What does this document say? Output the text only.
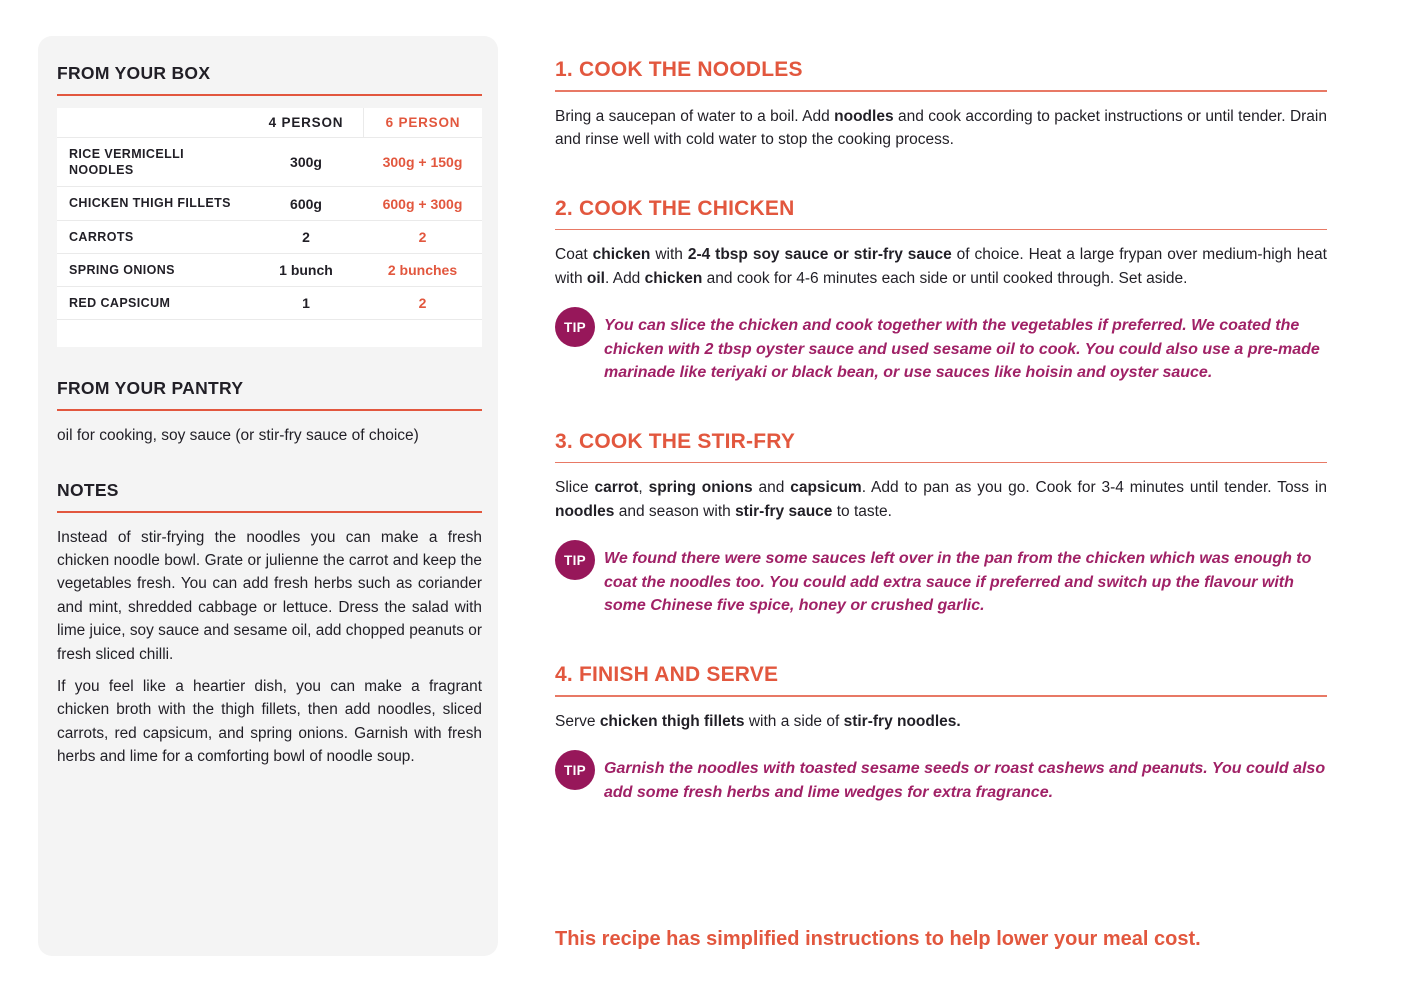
FROM YOUR BOX
4 PERSON	6 PERSON
RICE VERMICELLI NOODLES	300g	300g + 150g
CHICKEN THIGH FILLETS	600g	600g + 300g
CARROTS	2	2
SPRING ONIONS	1 bunch	2 bunches
RED CAPSICUM	1	2
FROM YOUR PANTRY

oil for cooking, soy sauce (or stir-fry sauce of choice)

NOTES

Instead of stir-frying the noodles you can make a fresh chicken noodle bowl. Grate or julienne the carrot and keep the vegetables fresh. You can add fresh herbs such as coriander and mint, shredded cabbage or lettuce. Dress the salad with lime juice, soy sauce and sesame oil, add chopped peanuts or fresh sliced chilli.

If you feel like a heartier dish, you can make a fragrant chicken broth with the thigh fillets, then add noodles, sliced carrots, red capsicum, and spring onions. Garnish with fresh herbs and lime for a comforting bowl of noodle soup.

1. COOK THE NOODLES

Bring a saucepan of water to a boil. Add noodles and cook according to packet instructions or until tender. Drain and rinse well with cold water to stop the cooking process.

2. COOK THE CHICKEN

Coat chicken with 2-4 tbsp soy sauce or stir-fry sauce of choice. Heat a large frypan over medium-high heat with oil. Add chicken and cook for 4-6 minutes each side or until cooked through. Set aside.

TIP	You can slice the chicken and cook together with the vegetables if preferred. We coated the chicken with 2 tbsp oyster sauce and used sesame oil to cook. You could also use a pre-made marinade like teriyaki or black bean, or use sauces like hoisin and oyster sauce.

3. COOK THE STIR-FRY

Slice carrot, spring onions and capsicum. Add to pan as you go. Cook for 3-4 minutes until tender. Toss in noodles and season with stir-fry sauce to taste.

TIP	We found there were some sauces left over in the pan from the chicken which was enough to coat the noodles too. You could add extra sauce if preferred and switch up the flavour with some Chinese five spice, honey or crushed garlic.

4. FINISH AND SERVE

Serve chicken thigh fillets with a side of stir-fry noodles.

TIP	Garnish the noodles with toasted sesame seeds or roast cashews and peanuts. You could also add some fresh herbs and lime wedges for extra fragrance.

This recipe has simplified instructions to help lower your meal cost.
